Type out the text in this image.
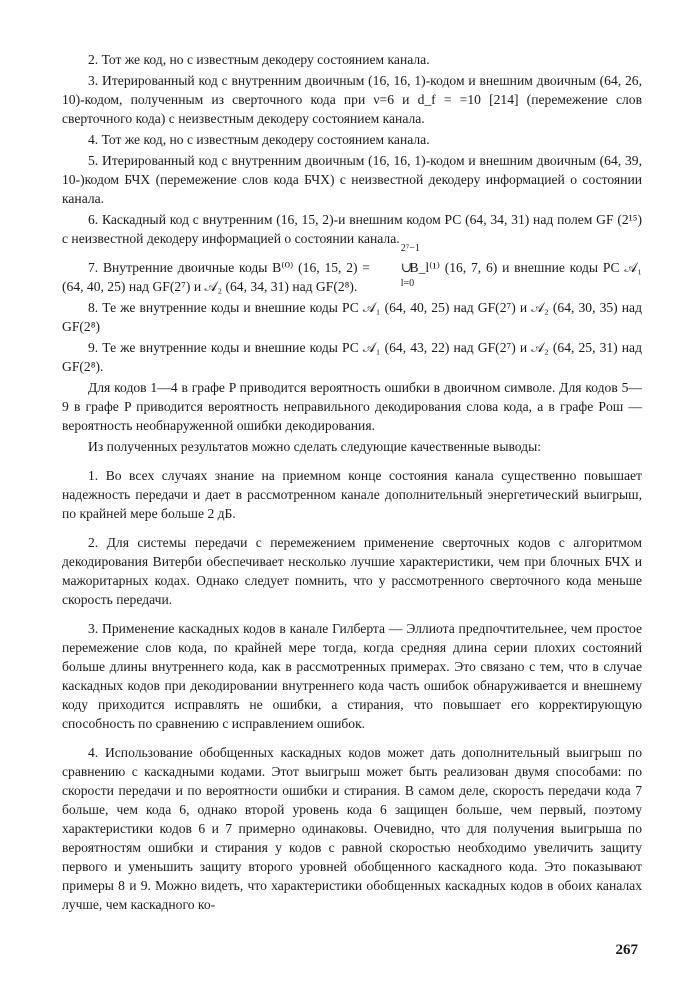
2. Тот же код, но с известным декодеру состоянием канала.

3. Итерированный код с внутренним двоичным (16, 16, 1)-кодом и внешним двоичным (64, 26, 10)-кодом, полученным из сверточного кода при ν=6 и d_f = =10 [214] (перемежение слов сверточного кода) с неизвестным декодеру состоянием канала.

4. Тот же код, но с известным декодеру состоянием канала.

5. Итерированный код с внутренним двоичным (16, 16, 1)-кодом и внешним двоичным (64, 39, 10-)кодом БЧХ (перемежение слов кода БЧХ) с неизвестной декодеру информацией о состоянии канала.

6. Каскадный код с внутренним (16, 15, 2)-и внешним кодом РС (64, 34, 31) над полем GF (2¹⁵) с неизвестной декодеру информацией о состоянии канала.

7. Внутренние двоичные коды B⁽⁰⁾ (16, 15, 2) =
2⁷−1
∪
l=0
B_l⁽¹⁾ (16, 7, 6) и внешние коды РС 𝒜₁ (64, 40, 25) над GF(2⁷) и 𝒜₂ (64, 34, 31) над GF(2⁸).

8. Те же внутренние коды и внешние коды РС 𝒜₁ (64, 40, 25) над GF(2⁷) и 𝒜₂ (64, 30, 35) над GF(2⁸)

9. Те же внутренние коды и внешние коды РС 𝒜₁ (64, 43, 22) над GF(2⁷) и 𝒜₂ (64, 25, 31) над GF(2⁸).

Для кодов 1—4 в графе P приводится вероятность ошибки в двоичном символе. Для кодов 5—9 в графе P приводится вероятность неправильного декодирования слова кода, а в графе Pош — вероятность необнаруженной ошибки декодирования.

Из полученных результатов можно сделать следующие качественные выводы:

1. Во всех случаях знание на приемном конце состояния канала существенно повышает надежность передачи и дает в рассмотренном канале дополнительный энергетический выигрыш, по крайней мере больше 2 дБ.

2. Для системы передачи с перемежением применение сверточных кодов с алгоритмом декодирования Витерби обеспечивает несколько лучшие характеристики, чем при блочных БЧХ и мажоритарных кодах. Однако следует помнить, что у рассмотренного сверточного кода меньше скорость передачи.

3. Применение каскадных кодов в канале Гилберта — Эллиота предпочтительнее, чем простое перемежение слов кода, по крайней мере тогда, когда средняя длина серии плохих состояний больше длины внутреннего кода, как в рассмотренных примерах. Это связано с тем, что в случае каскадных кодов при декодировании внутреннего кода часть ошибок обнаруживается и внешнему коду приходится исправлять не ошибки, а стирания, что повышает его корректирующую способность по сравнению с исправлением ошибок.

4. Использование обобщенных каскадных кодов может дать дополнительный выигрыш по сравнению с каскадными кодами. Этот выигрыш может быть реализован двумя способами: по скорости передачи и по вероятности ошибки и стирания. В самом деле, скорость передачи кода 7 больше, чем кода 6, однако второй уровень кода 6 защищен больше, чем первый, поэтому характеристики кодов 6 и 7 примерно одинаковы. Очевидно, что для получения выигрыша по вероятностям ошибки и стирания у кодов с равной скоростью необходимо увеличить защиту первого и уменьшить защиту второго уровней обобщенного каскадного кода. Это показывают примеры 8 и 9. Можно видеть, что характеристики обобщенных каскадных кодов в обоих каналах лучше, чем каскадного ко-

267
